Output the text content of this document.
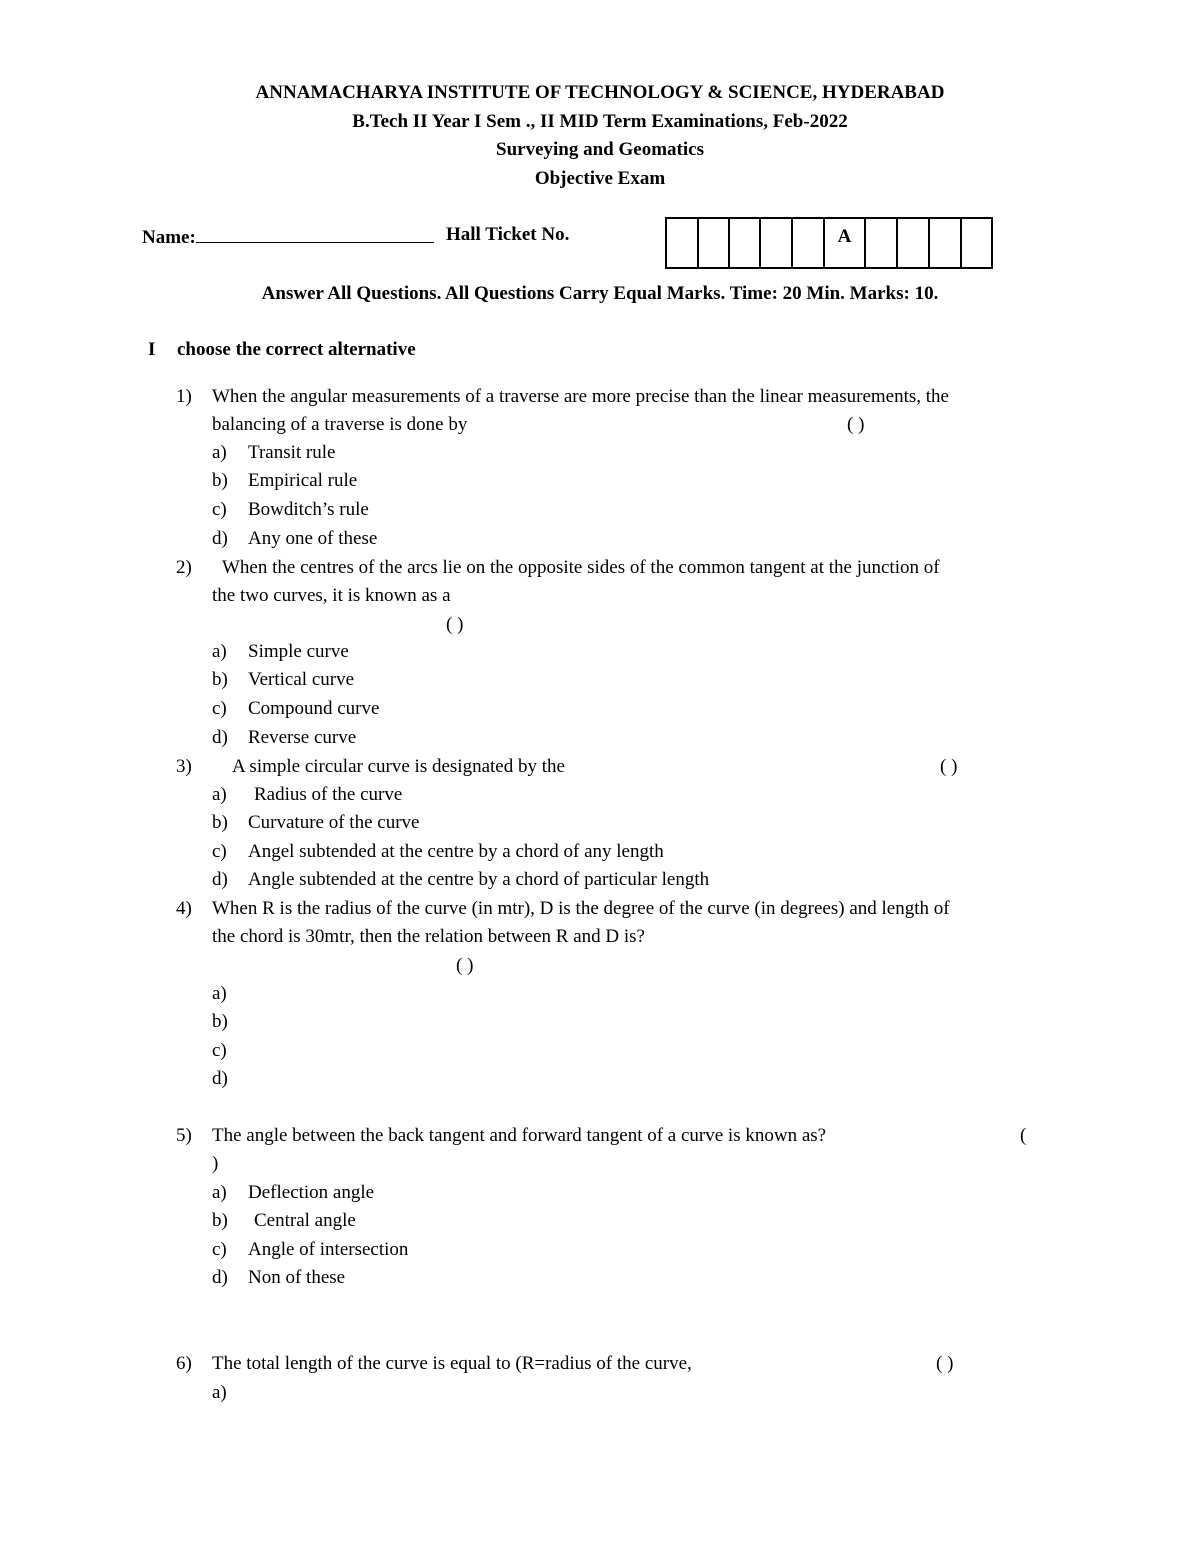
ANNAMACHARYA INSTITUTE OF TECHNOLOGY & SCIENCE, HYDERABAD
B.Tech II Year I Sem ., II MID Term Examinations, Feb-2022
Surveying and Geomatics
Objective Exam
Name:	Hall Ticket No.	A
Answer All Questions. All Questions Carry Equal Marks. Time: 20 Min. Marks: 10.
I choose the correct alternative
1) When the angular measurements of a traverse are more precise than the linear measurements, the
balancing of a traverse is done by	( )
a) Transit rule
b) Empirical rule
c) Bowditch’s rule
d) Any one of these
2) When the centres of the arcs lie on the opposite sides of the common tangent at the junction of
the two curves, it is known as a
( )
a) Simple curve
b) Vertical curve
c) Compound curve
d) Reverse curve
3) A simple circular curve is designated by the	( )
a) Radius of the curve
b) Curvature of the curve
c) Angel subtended at the centre by a chord of any length
d) Angle subtended at the centre by a chord of particular length
4) When R is the radius of the curve (in mtr), D is the degree of the curve (in degrees) and length of
the chord is 30mtr, then the relation between R and D is?
( )
a)
b)
c)
d)
5) The angle between the back tangent and forward tangent of a curve is known as?	(
)
a) Deflection angle
b) Central angle
c) Angle of intersection
d) Non of these
6) The total length of the curve is equal to (R=radius of the curve,	( )
a)
